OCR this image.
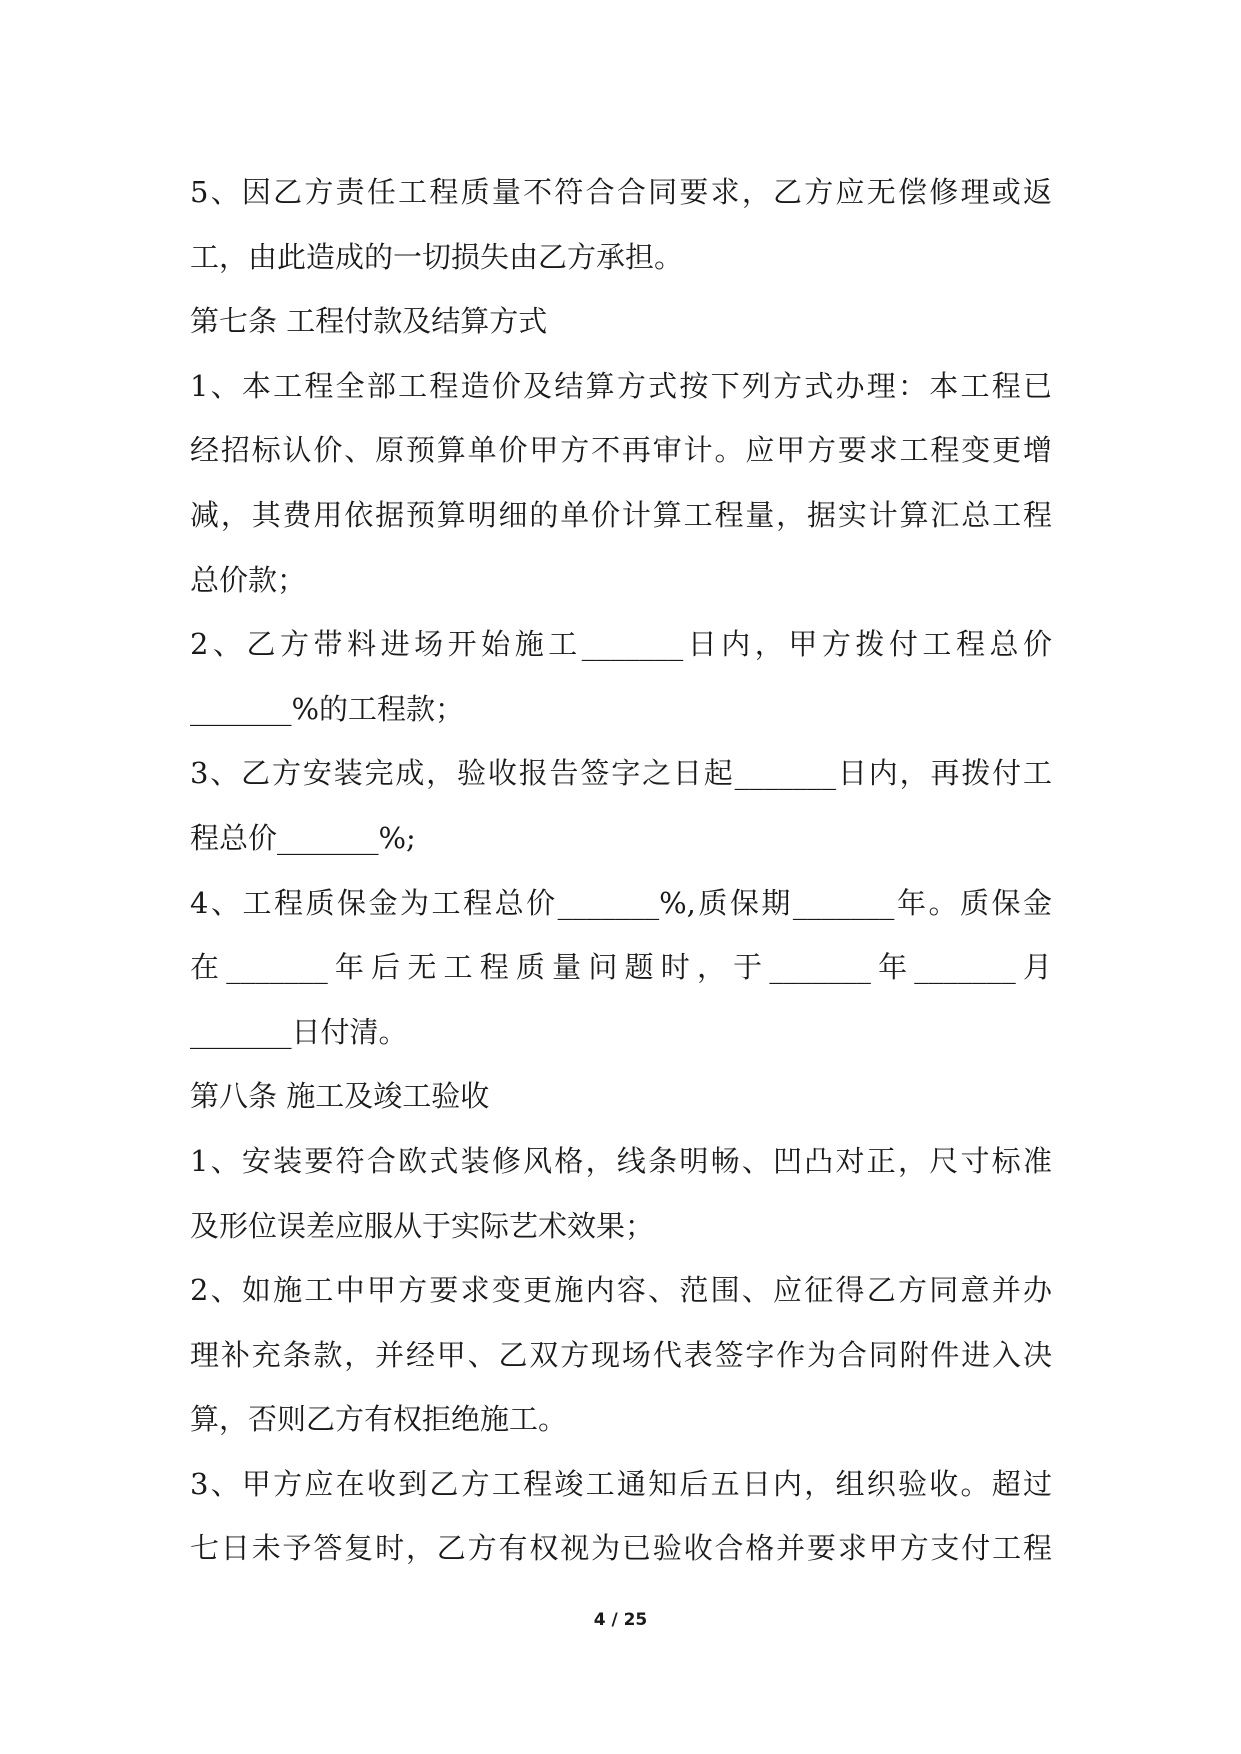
5、因乙方责任工程质量不符合合同要求，乙方应无偿修理或返
工，由此造成的一切损失由乙方承担。
第七条 工程付款及结算方式
1、本工程全部工程造价及结算方式按下列方式办理：本工程已
经招标认价、原预算单价甲方不再审计。应甲方要求工程变更增
减，其费用依据预算明细的单价计算工程量，据实计算汇总工程
总价款；
2、乙方带料进场开始施工_______日内，甲方拨付工程总价
_______%的工程款；
3、乙方安装完成，验收报告签字之日起_______日内，再拨付工
程总价_______%;
4、工程质保金为工程总价_______%,质保期_______年。质保金
在_______年后无工程质量问题时，于_______年_______月
_______日付清。
第八条 施工及竣工验收
1、安装要符合欧式装修风格，线条明畅、凹凸对正，尺寸标准
及形位误差应服从于实际艺术效果；
2、如施工中甲方要求变更施内容、范围、应征得乙方同意并办
理补充条款，并经甲、乙双方现场代表签字作为合同附件进入决
算，否则乙方有权拒绝施工。
3、甲方应在收到乙方工程竣工通知后五日内，组织验收。超过
七日未予答复时，乙方有权视为已验收合格并要求甲方支付工程
4 / 25
